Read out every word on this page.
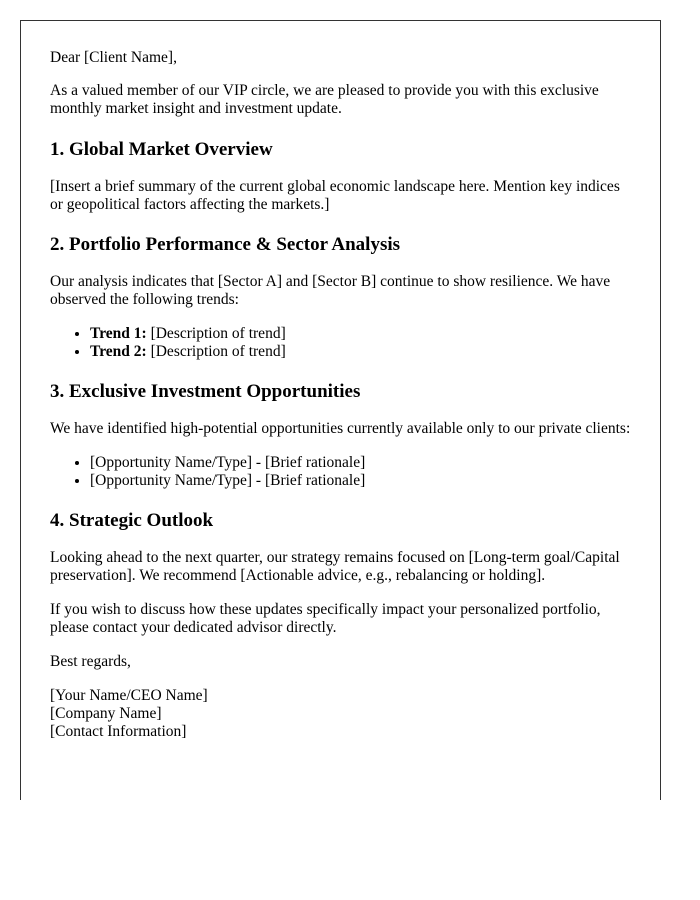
Dear [Client Name],

As a valued member of our VIP circle, we are pleased to provide you with this exclusive monthly market insight and investment update.

1. Global Market Overview

[Insert a brief summary of the current global economic landscape here. Mention key indices or geopolitical factors affecting the markets.]

2. Portfolio Performance & Sector Analysis

Our analysis indicates that [Sector A] and [Sector B] continue to show resilience. We have observed the following trends:

• Trend 1: [Description of trend]
• Trend 2: [Description of trend]
3. Exclusive Investment Opportunities

We have identified high-potential opportunities currently available only to our private clients:

• [Opportunity Name/Type] - [Brief rationale]
• [Opportunity Name/Type] - [Brief rationale]
4. Strategic Outlook

Looking ahead to the next quarter, our strategy remains focused on [Long-term goal/Capital preservation]. We recommend [Actionable advice, e.g., rebalancing or holding].

If you wish to discuss how these updates specifically impact your personalized portfolio, please contact your dedicated advisor directly.

Best regards,

[Your Name/CEO Name]
[Company Name]
[Contact Information]
